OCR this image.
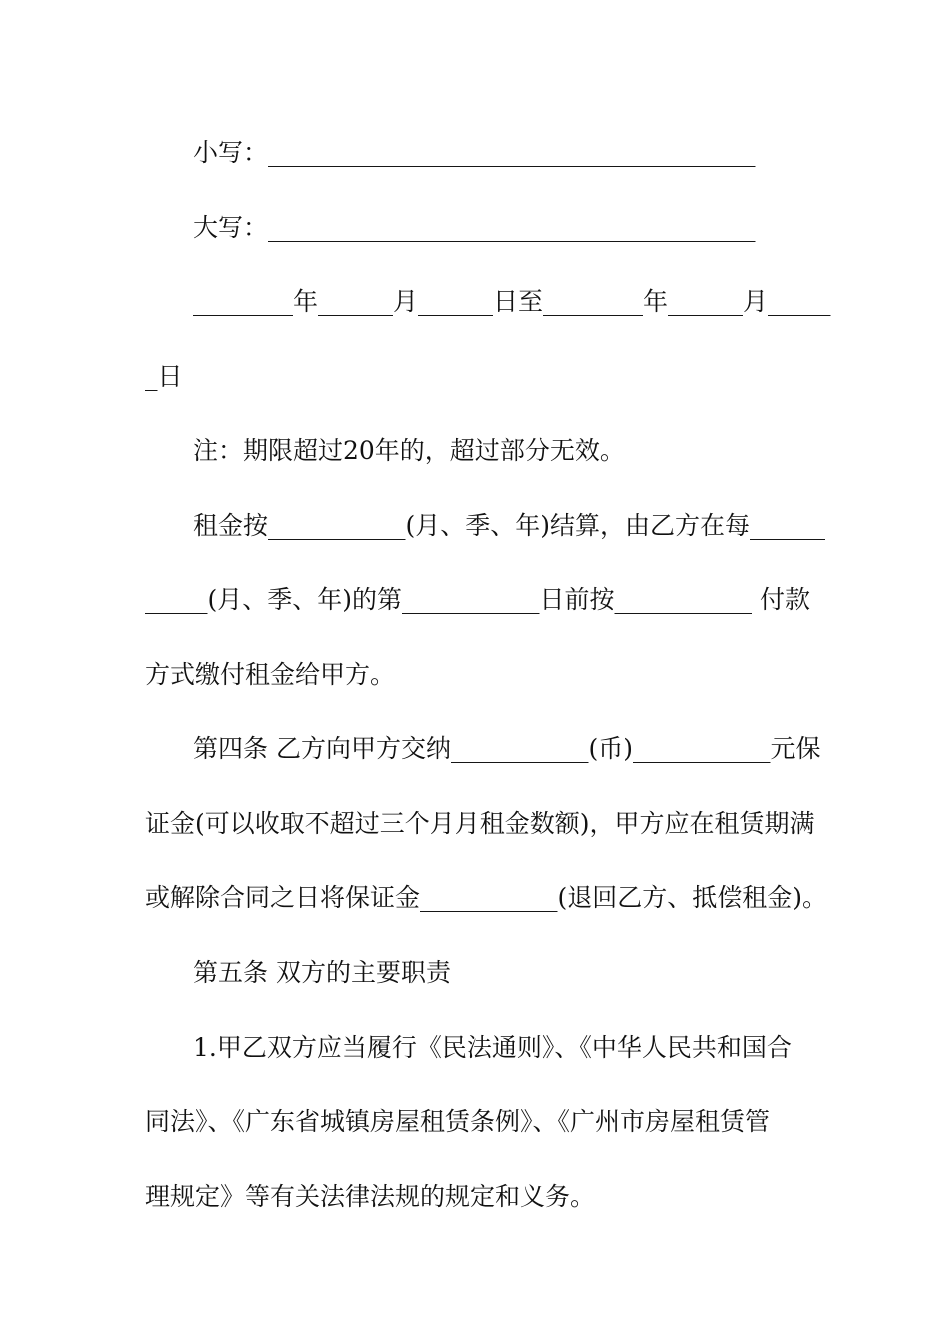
小写：_______________________________________
大写：_______________________________________
________年______月______日至________年______月_____
_日
注：期限超过20年的，超过部分无效。
租金按___________(月、季、年)结算，由乙方在每______
_____(月、季、年)的第___________日前按___________ 付款
方式缴付租金给甲方。
第四条 乙方向甲方交纳___________(币)___________元保
证金(可以收取不超过三个月月租金数额)，甲方应在租赁期满
或解除合同之日将保证金___________(退回乙方、抵偿租金)。
第五条 双方的主要职责
1.甲乙双方应当履行《民法通则》、《中华人民共和国合
同法》、《广东省城镇房屋租赁条例》、《广州市房屋租赁管
理规定》等有关法律法规的规定和义务。
